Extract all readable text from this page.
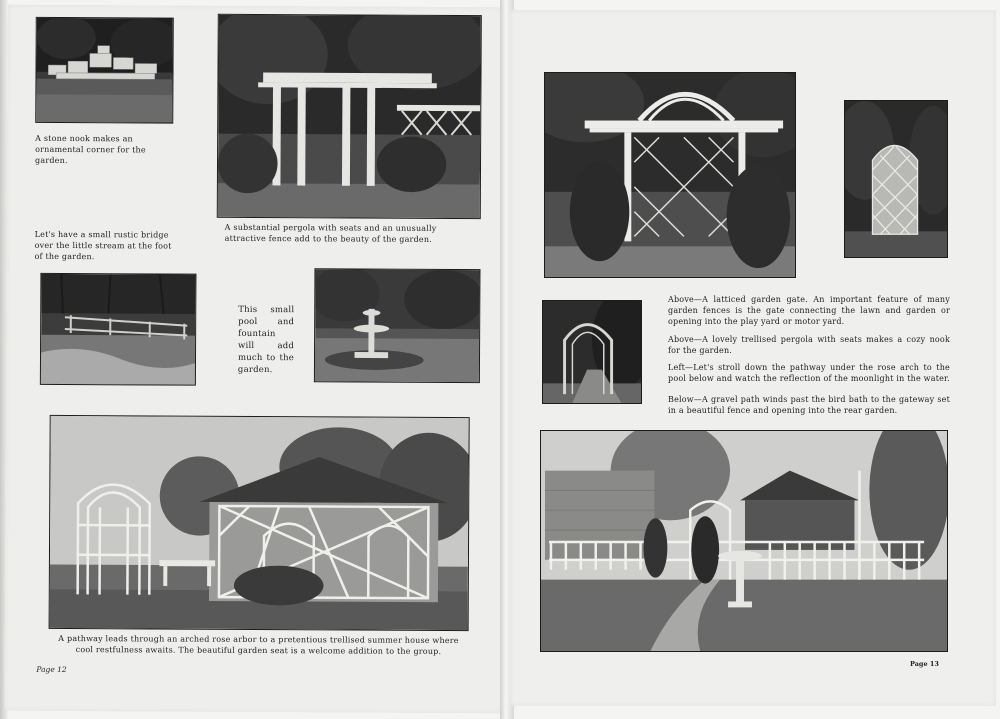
A stone nook makes an ornamental corner for the garden.
A substantial pergola with seats and an unusually attractive fence add to the beauty of the garden.
Let's have a small rustic bridge over the little stream at the foot of the garden.
This small pool and fountain will add much to the garden.
A pathway leads through an arched rose arbor to a pretentious trellised summer house where
cool restfulness awaits. The beautiful garden seat is a welcome addition to the group.
Page 12
Above—A latticed garden gate. An important feature of many garden fences is the gate connecting the lawn and garden or opening into the play yard or motor yard.
Above—A lovely trellised pergola with seats makes a cozy nook for the garden.
Left—Let's stroll down the pathway under the rose arch to the pool below and watch the reflection of the moonlight in the water.
Below—A gravel path winds past the bird bath to the gateway set in a beautiful fence and opening into the rear garden.
Page 13
